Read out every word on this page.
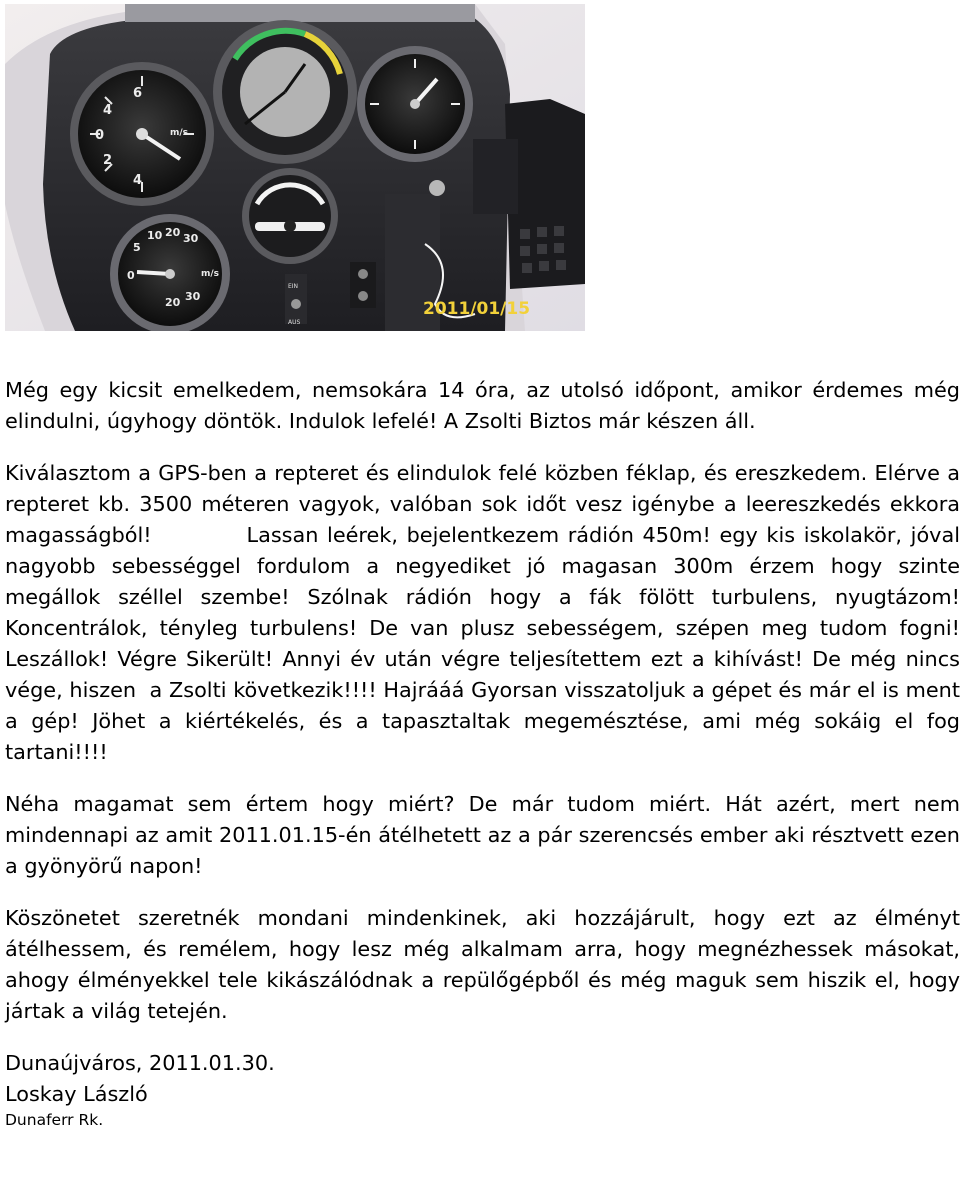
4
0
2
6
4
m/s
5
10 20 30
0
20 30
m/s
EIN
AUS
2011/01/15

Még egy kicsit emelkedem, nemsokára 14 óra, az utolsó időpont, amikor érdemes még elindulni, úgyhogy döntök. Indulok lefelé! A Zsolti Biztos már készen áll.

Kiválasztom a GPS-ben a repteret és elindulok felé közben féklap, és ereszkedem. Elérve a repteret kb. 3500 méteren vagyok, valóban sok időt vesz igénybe a leereszkedés ekkora magasságból!           Lassan leérek, bejelentkezem rádión 450m! egy kis iskolakör, jóval nagyobb sebességgel fordulom a negyediket jó magasan 300m érzem hogy szinte megállok széllel szembe! Szólnak rádión hogy a fák fölött turbulens, nyugtázom! Koncentrálok, tényleg turbulens! De van plusz sebességem, szépen meg tudom fogni! Leszállok! Végre Sikerült! Annyi év után végre teljesítettem ezt a kihívást! De még nincs vége, hiszen  a Zsolti következik!!!! Hajrááá Gyorsan visszatoljuk a gépet és már el is ment a gép! Jöhet a kiértékelés, és a tapasztaltak megemésztése, ami még sokáig el fog tartani!!!!

Néha magamat sem értem hogy miért? De már tudom miért. Hát azért, mert nem mindennapi az amit 2011.01.15-én átélhetett az a pár szerencsés ember aki résztvett ezen a gyönyörű napon!

Köszönetet szeretnék mondani mindenkinek, aki hozzájárult, hogy ezt az élményt átélhessem, és remélem, hogy lesz még alkalmam arra, hogy megnézhessek másokat, ahogy élményekkel tele kikászálódnak a repülőgépből és még maguk sem hiszik el, hogy jártak a világ tetején.

Dunaújváros, 2011.01.30.

Loskay László

Dunaferr Rk.
